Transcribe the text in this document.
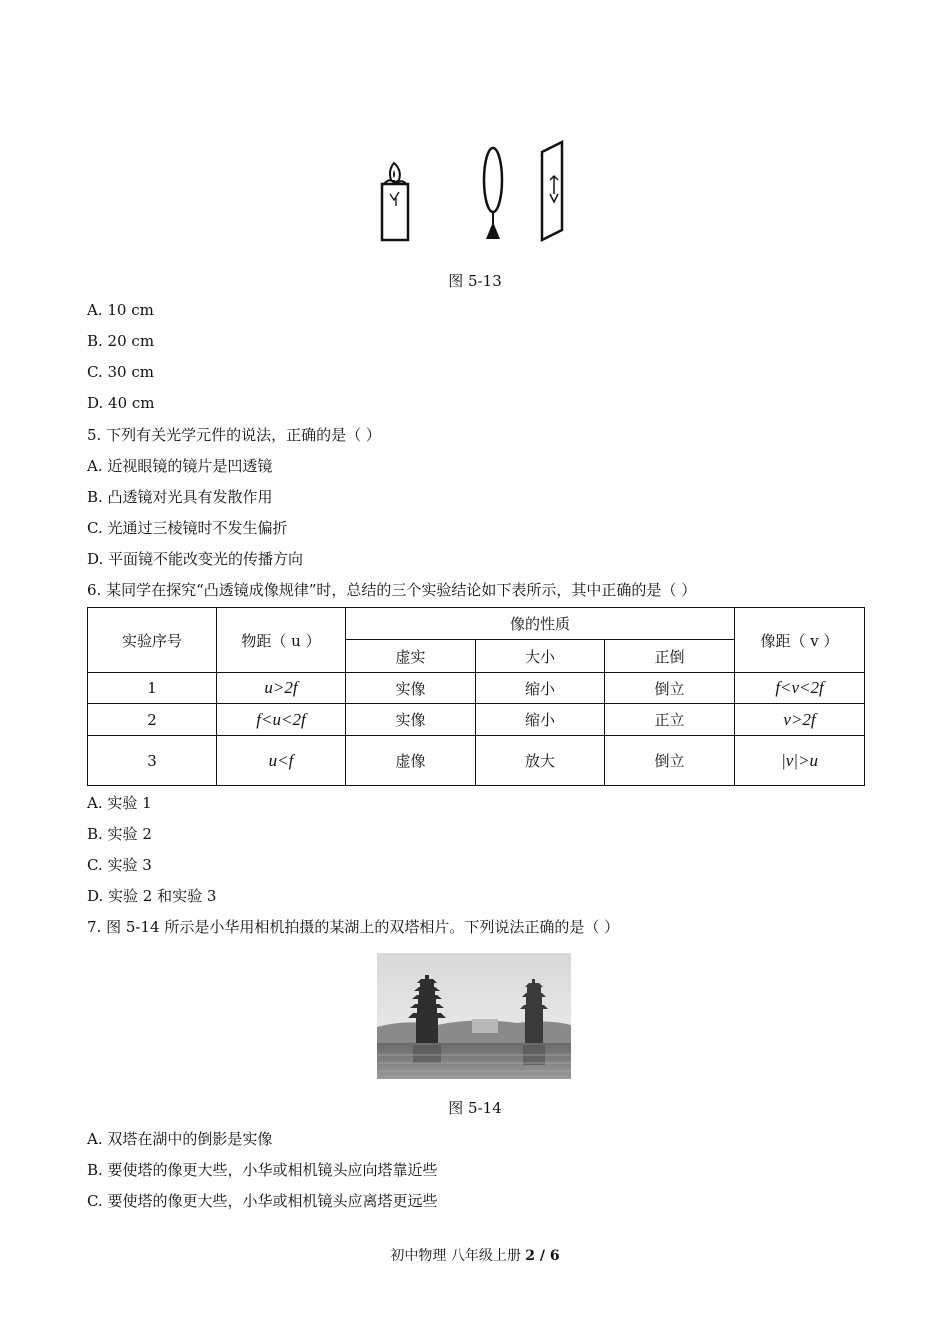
图 5-13
A. 10 cm
B. 20 cm
C. 30 cm
D. 40 cm
5. 下列有关光学元件的说法，正确的是（ ）
A. 近视眼镜的镜片是凹透镜
B. 凸透镜对光具有发散作用
C. 光通过三棱镜时不发生偏折
D. 平面镜不能改变光的传播方向
6. 某同学在探究“凸透镜成像规律”时，总结的三个实验结论如下表所示，其中正确的是（ ）
实验序号	物距（ u ）	像的性质			像距（ v ）
		虚实	大小	正倒	
1	u>2f	实像	缩小	倒立	f<v<2f
2	f<u<2f	实像	缩小	正立	v>2f
3	u<f	虚像	放大	倒立	|v|>u
A. 实验 1
B. 实验 2
C. 实验 3
D. 实验 2 和实验 3
7. 图 5-14 所示是小华用相机拍摄的某湖上的双塔相片。下列说法正确的是（ ）
图 5-14
A. 双塔在湖中的倒影是实像
B. 要使塔的像更大些，小华或相机镜头应向塔靠近些
C. 要使塔的像更大些，小华或相机镜头应离塔更远些
初中物理 八年级上册 2 / 6
